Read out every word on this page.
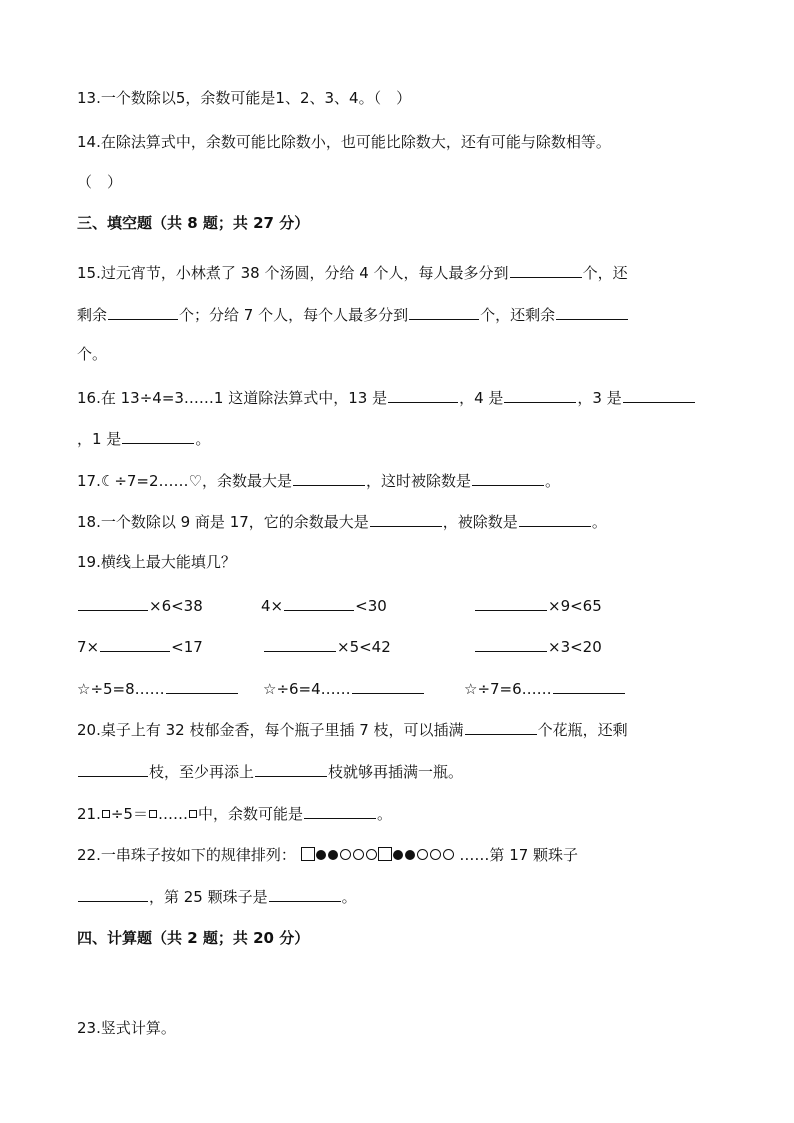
13.一个数除以5，余数可能是1、2、3、4。（　）
14.在除法算式中，余数可能比除数小，也可能比除数大，还有可能与除数相等。
（　）
三、填空题（共 8 题；共 27 分）
15.过元宵节，小林煮了 38 个汤圆，分给 4 个人，每人最多分到	个，还
剩余	个；分给 7 个人，每个人最多分到	个，还剩余
个。
16.在 13÷4=3……1 这道除法算式中，13 是	，4 是	，3 是
，1 是	。
17.☾÷7=2……♡，余数最大是	，这时被除数是	。
18.一个数除以 9 商是 17，它的余数最大是	，被除数是	。
19.横线上最大能填几？
×6<38	4×	<30	×9<65
7×	<17	×5<42	×3<20
☆÷5=8……	☆÷6=4……	☆÷7=6……
20.桌子上有 32 枝郁金香，每个瓶子里插 7 枝，可以插满	个花瓶，还剩
枝，至少再添上	枝就够再插满一瓶。
21. ÷5＝ …… 中，余数可能是	。
22.一串珠子按如下的规律排列：	……第 17 颗珠子
，第 25 颗珠子是	。
四、计算题（共 2 题；共 20 分）
23.竖式计算。
